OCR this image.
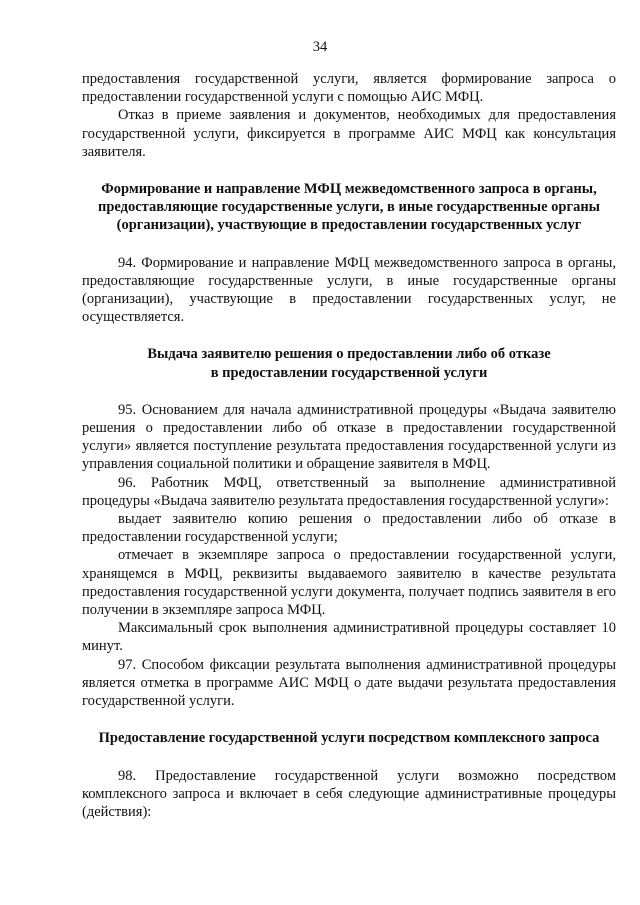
34

предоставления государственной услуги, является формирование запроса о предоставлении государственной услуги с помощью АИС МФЦ.

Отказ в приеме заявления и документов, необходимых для предоставления государственной услуги, фиксируется в программе АИС МФЦ как консультация заявителя.

Формирование и направление МФЦ межведомственного запроса в органы, предоставляющие государственные услуги, в иные государственные органы (организации), участвующие в предоставлении государственных услуг

94. Формирование и направление МФЦ межведомственного запроса в органы, предоставляющие государственные услуги, в иные государственные органы (организации), участвующие в предоставлении государственных услуг, не осуществляется.

Выдача заявителю решения о предоставлении либо об отказе
в предоставлении государственной услуги

95. Основанием для начала административной процедуры «Выдача заявителю решения о предоставлении либо об отказе в предоставлении государственной услуги» является поступление результата предоставления государственной услуги из управления социальной политики и обращение заявителя в МФЦ.

96. Работник МФЦ, ответственный за выполнение административной процедуры «Выдача заявителю результата предоставления государственной услуги»:

выдает заявителю копию решения о предоставлении либо об отказе в предоставлении государственной услуги;

отмечает в экземпляре запроса о предоставлении государственной услуги, хранящемся в МФЦ, реквизиты выдаваемого заявителю в качестве результата предоставления государственной услуги документа, получает подпись заявителя в его получении в экземпляре запроса МФЦ.

Максимальный срок выполнения административной процедуры составляет 10 минут.

97. Способом фиксации результата выполнения административной процедуры является отметка в программе АИС МФЦ о дате выдачи результата предоставления государственной услуги.

Предоставление государственной услуги посредством комплексного запроса

98. Предоставление государственной услуги возможно посредством комплексного запроса и включает в себя следующие административные процедуры (действия):
